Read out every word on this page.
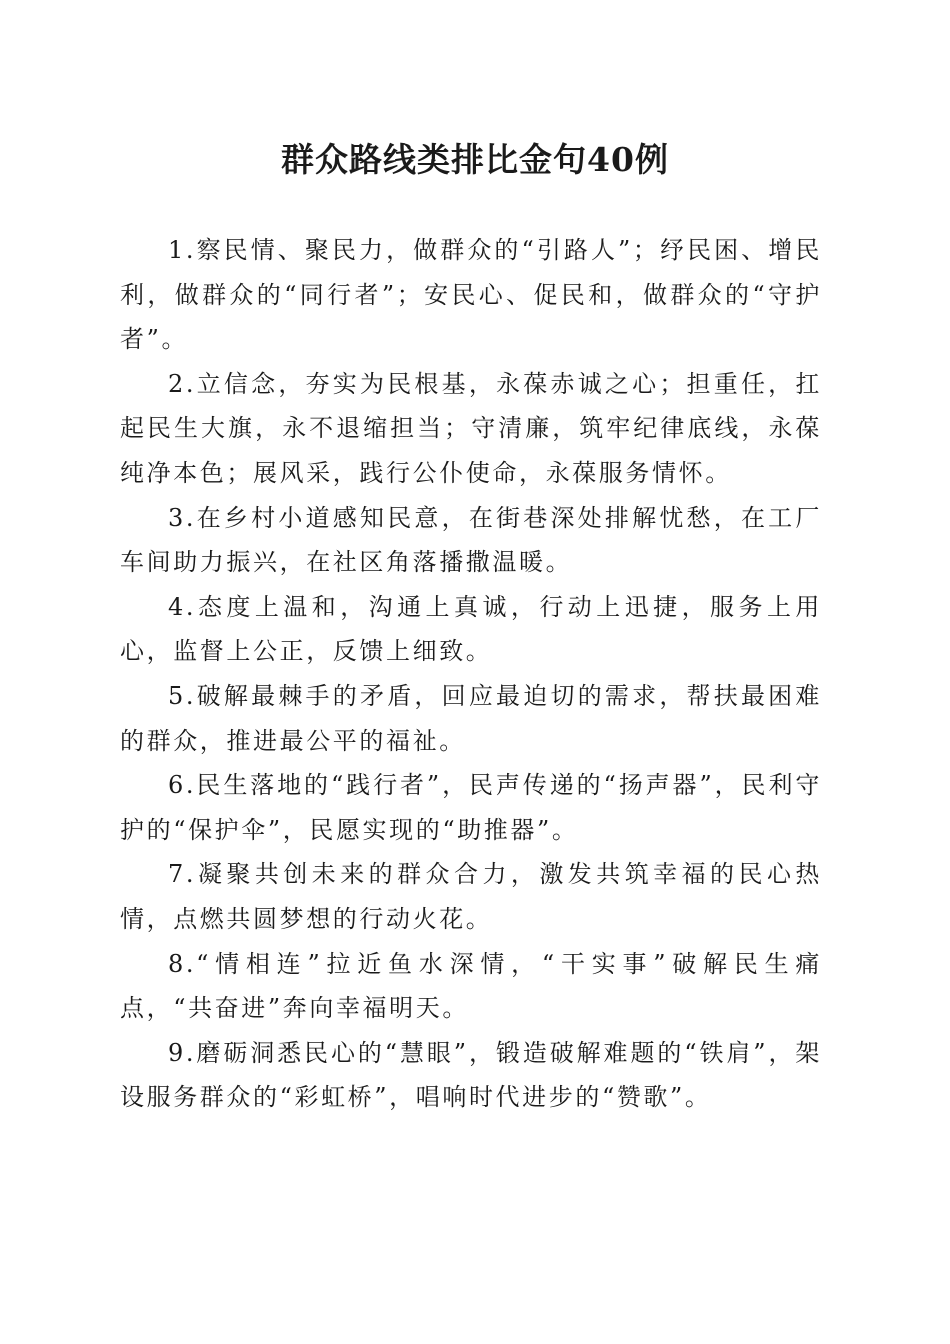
群众路线类排比金句40例

1.察民情、聚民力，做群众的“引路人”；纾民困、增民利，做群众的“同行者”；安民心、促民和，做群众的“守护者”。

2.立信念，夯实为民根基，永葆赤诚之心；担重任，扛起民生大旗，永不退缩担当；守清廉，筑牢纪律底线，永葆纯净本色；展风采，践行公仆使命，永葆服务情怀。

3.在乡村小道感知民意，在街巷深处排解忧愁，在工厂车间助力振兴，在社区角落播撒温暖。

4.态度上温和，沟通上真诚，行动上迅捷，服务上用心，监督上公正，反馈上细致。

5.破解最棘手的矛盾，回应最迫切的需求，帮扶最困难的群众，推进最公平的福祉。

6.民生落地的“践行者”，民声传递的“扬声器”，民利守护的“保护伞”，民愿实现的“助推器”。

7.凝聚共创未来的群众合力，激发共筑幸福的民心热情，点燃共圆梦想的行动火花。

8.“情相连”拉近鱼水深情，“干实事”破解民生痛点，“共奋进”奔向幸福明天。

9.磨砺洞悉民心的“慧眼”，锻造破解难题的“铁肩”，架设服务群众的“彩虹桥”，唱响时代进步的“赞歌”。
